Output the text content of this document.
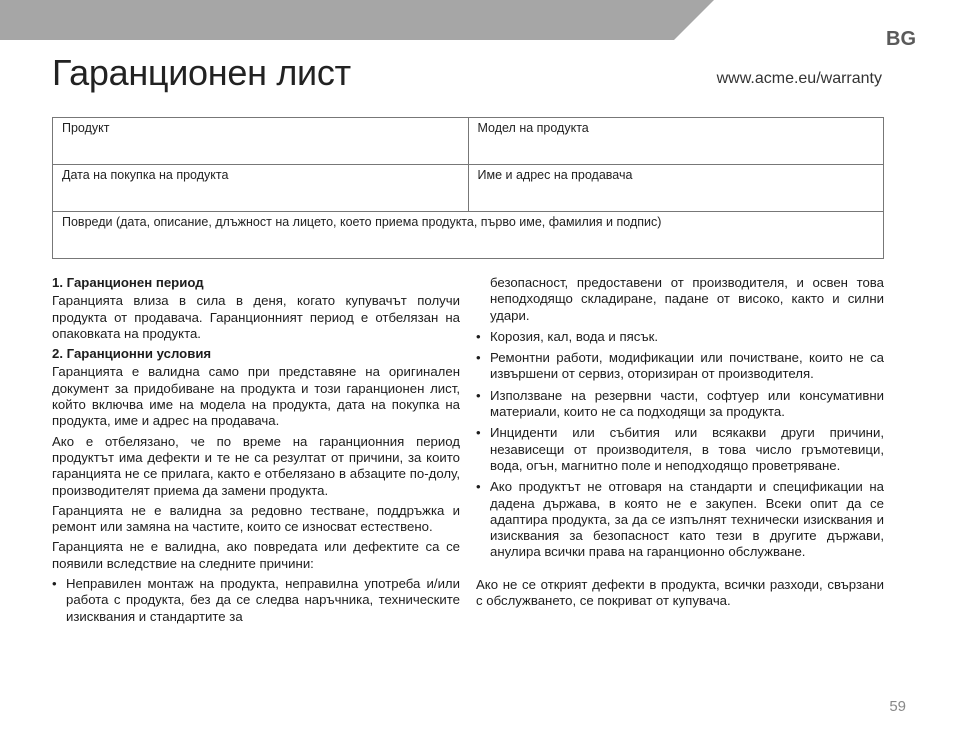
BG
Гаранционен лист	www.acme.eu/warranty
Продукт	Модел на продукта
Дата на покупка на продукта	Име и адрес на продавача
Повреди (дата, описание, длъжност на лицето, което приема продукта, първо име, фамилия и подпис)	
1. Гаранционен период

Гаранцията влиза в сила в деня, когато купувачът получи продукта от продавача. Гаранционният период е отбелязан на опаковката на продукта.

2. Гаранционни условия

Гаранцията е валидна само при представяне на оригиналeн документ за придобиване на продукта и този гаранционен лист, който включва име на модела на продукта, дата на покупка на продукта, име и адрес на продавача.

Ако е отбелязано, че по време на гаранционния период продуктът има дефекти и те не са резултат от причини, за които гаранцията не се прилага, както е отбелязано в абзаците по-долу, производителят приема да замени продукта.

Гаранцията не е валидна за редовно тестване, поддръжка и ремонт или замяна на частите, които се износват естествено.

Гаранцията не е валидна, ако повредата или дефектите са се появили вследствие на следните причини:

• Неправилен монтаж на продукта, неправилна употреба и/или работа с продукта, без да се следва наръчника, техническите изисквания и стандартите за
безопасност, предоставени от производителя, и освен това неподходящо складиране, падане от високо, както и силни удари.
• Корозия, кал, вода и пясък.
• Ремонтни работи, модификации или почистване, които не са извършени от сервиз, оторизиран от производителя.
• Използване на резервни части, софтуер или консумативни материали, които не са подходящи за продукта.
• Инциденти или събития или всякакви други причини, независещи от производителя, в това число гръмотевици, вода, огън, магнитно поле и неподходящо проветряване.
• Ако продуктът не отговаря на стандарти и спецификации на дадена държава, в която не е закупен. Всеки опит да се адаптира продукта, за да се изпълнят технически изисквания и изисквания за безопасност като тези в другите държави, анулира всички права на гаранционно обслужване.

Ако не се открият дефекти в продукта, всички разходи, свързани с обслужването, се покриват от купувача.

59
